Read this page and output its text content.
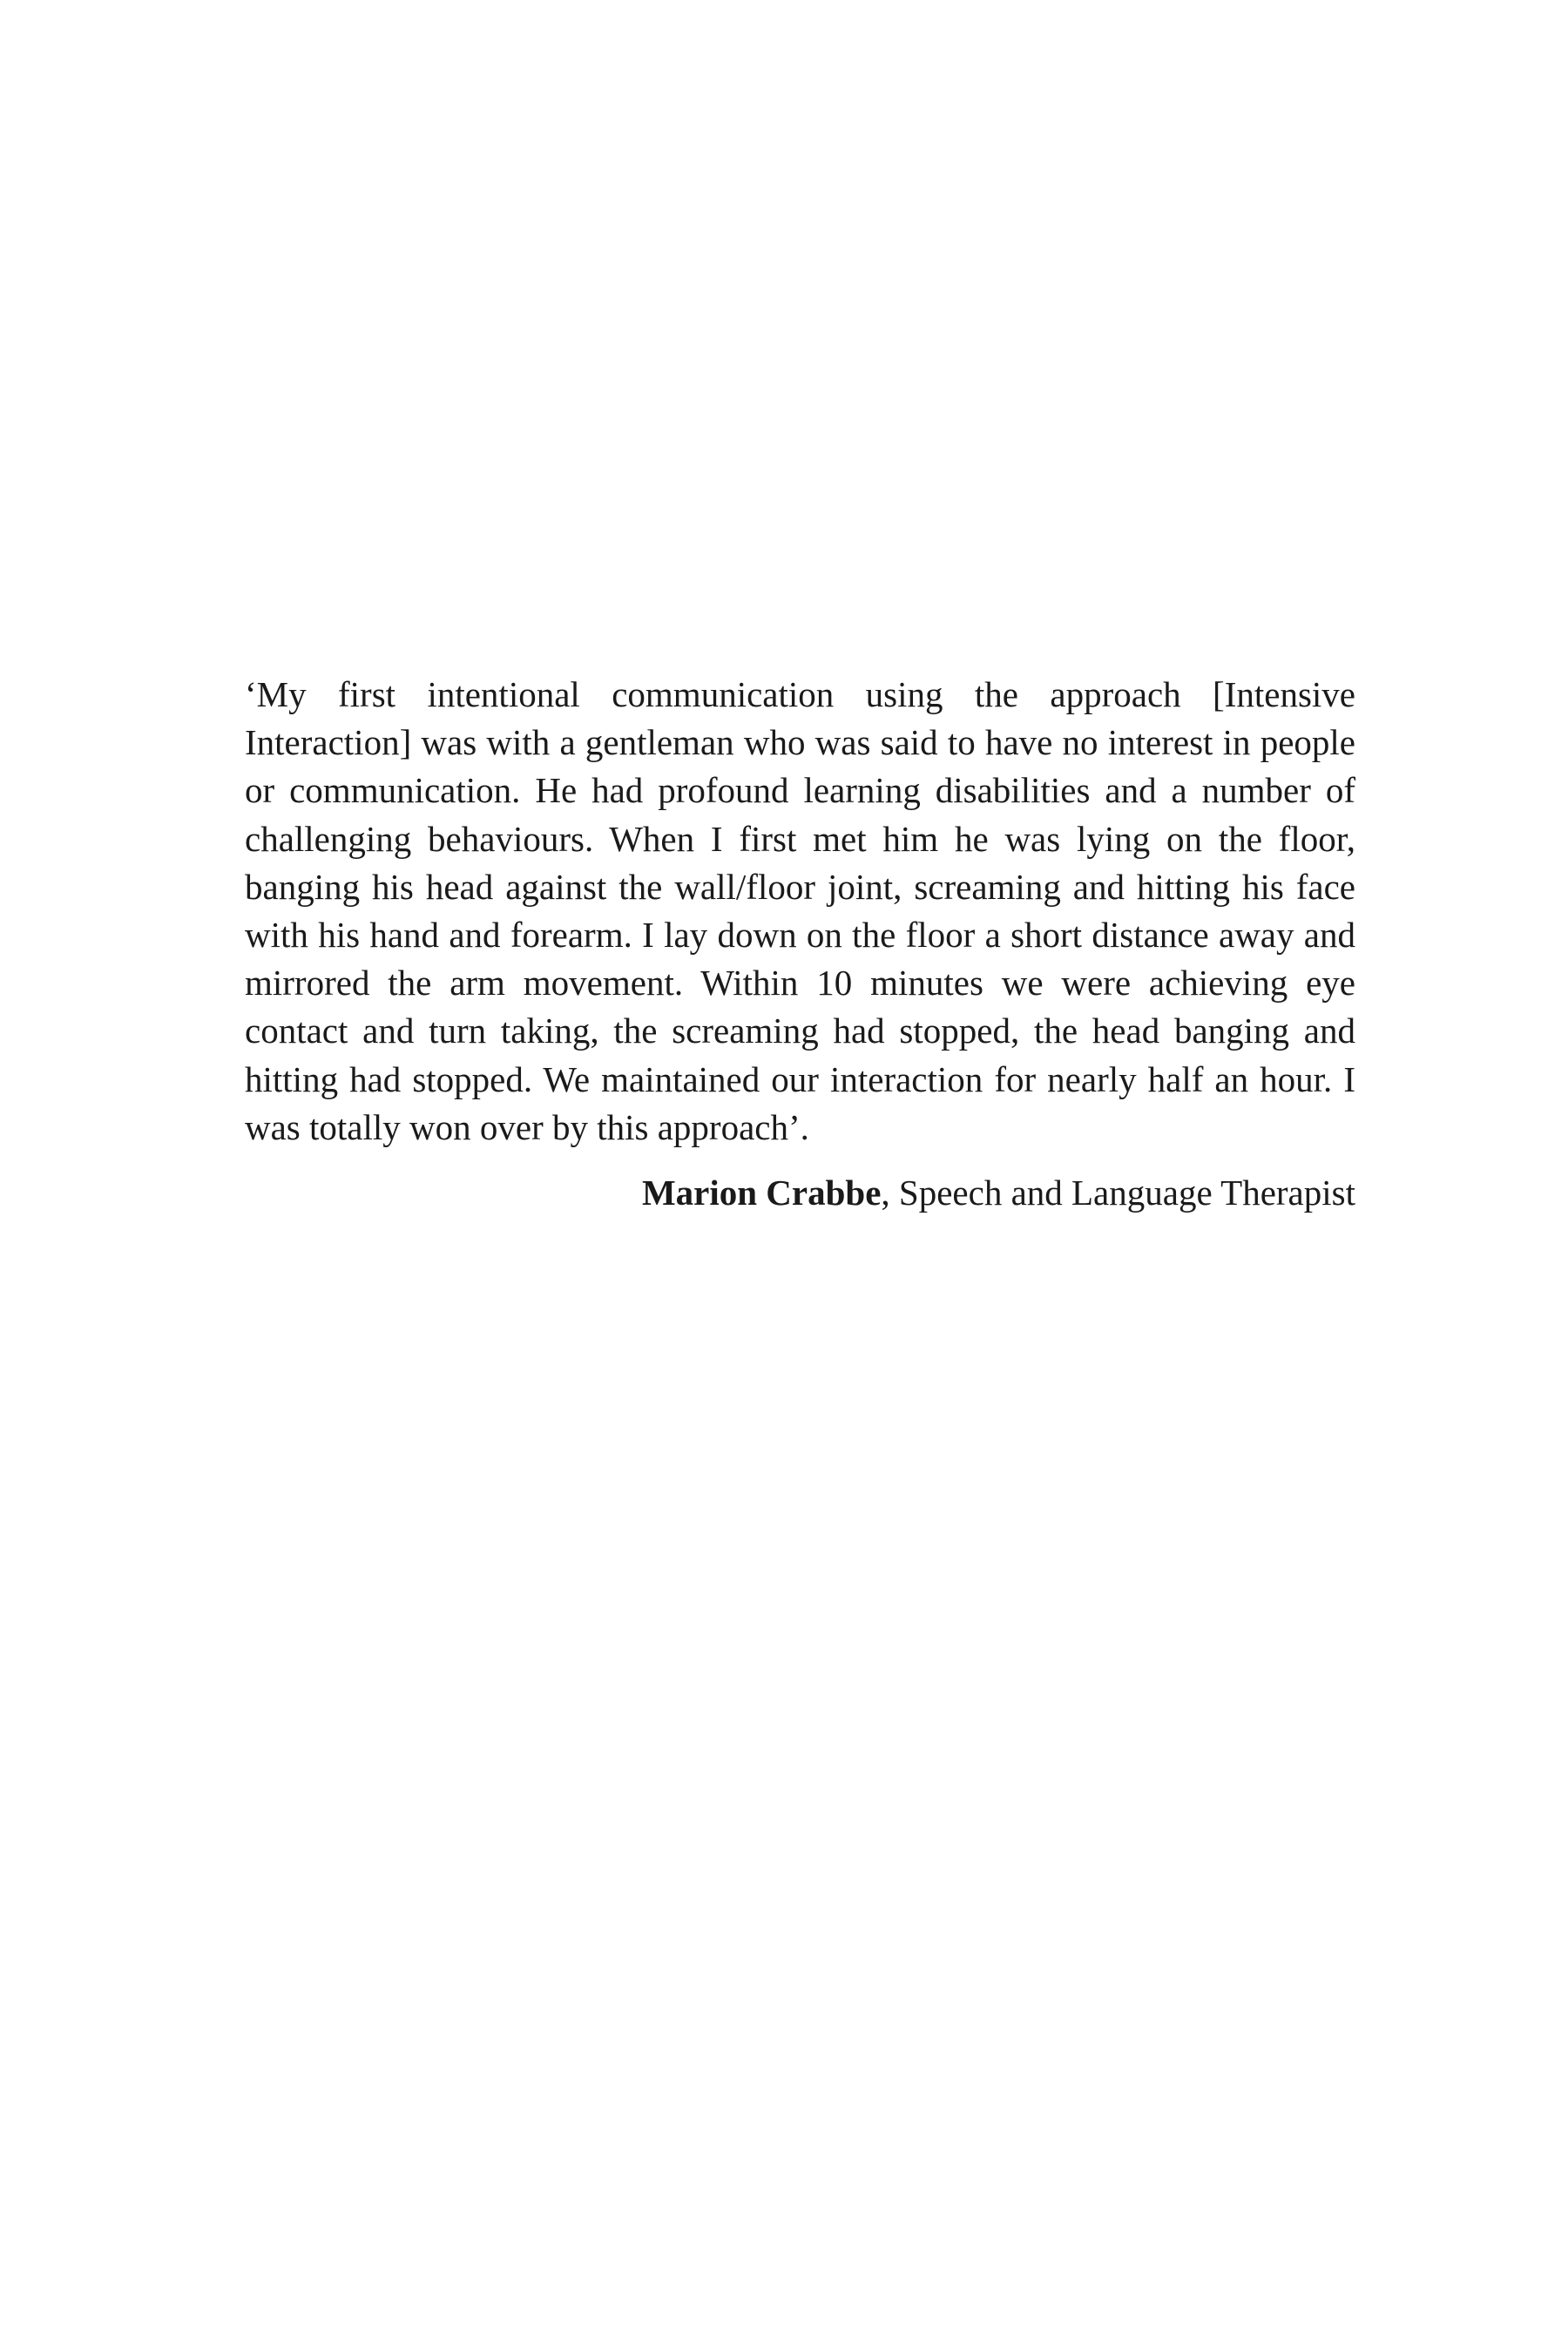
‘My first intentional communication using the approach [Intensive Interaction] was with a gentleman who was said to have no interest in people or communication. He had profound learning disabilities and a number of challenging behaviours. When I first met him he was lying on the floor, banging his head against the wall/floor joint, screaming and hitting his face with his hand and forearm. I lay down on the floor a short distance away and mirrored the arm movement. Within 10 minutes we were achieving eye contact and turn taking, the screaming had stopped, the head banging and hitting had stopped. We maintained our interaction for nearly half an hour. I was totally won over by this approach’.

Marion Crabbe, Speech and Language Therapist
